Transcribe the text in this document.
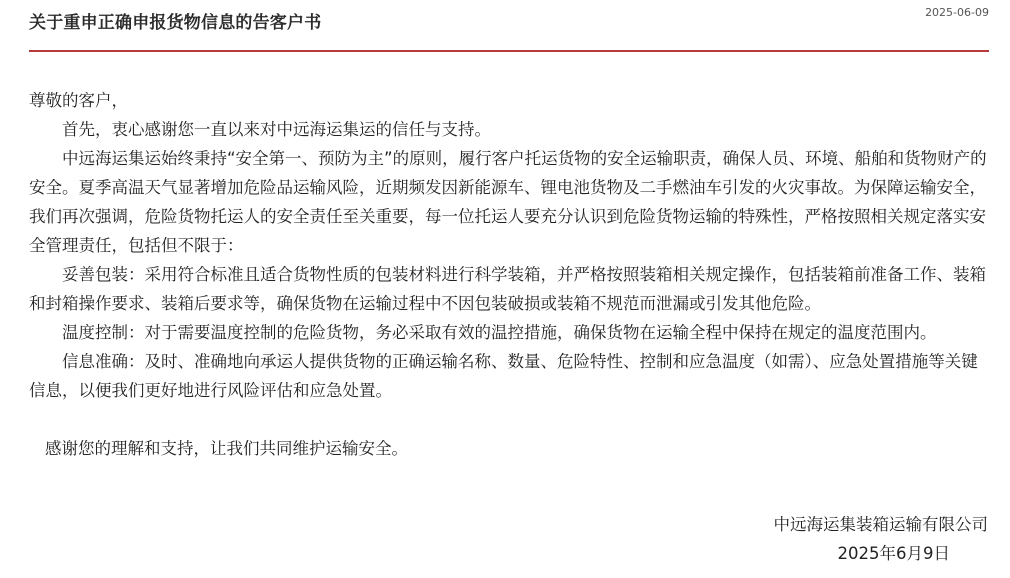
关于重申正确申报货物信息的告客户书
2025-06-09

尊敬的客户，

首先，衷心感谢您一直以来对中远海运集运的信任与支持。

中远海运集运始终秉持“安全第一、预防为主”的原则，履行客户托运货物的安全运输职责，确保人员、环境、船舶和货物财产的安全。夏季高温天气显著增加危险品运输风险，近期频发因新能源车、锂电池货物及二手燃油车引发的火灾事故。为保障运输安全，我们再次强调，危险货物托运人的安全责任至关重要，每一位托运人要充分认识到危险货物运输的特殊性，严格按照相关规定落实安全管理责任，包括但不限于：

妥善包装：采用符合标准且适合货物性质的包装材料进行科学装箱，并严格按照装箱相关规定操作，包括装箱前准备工作、装箱和封箱操作要求、装箱后要求等，确保货物在运输过程中不因包装破损或装箱不规范而泄漏或引发其他危险。

温度控制：对于需要温度控制的危险货物，务必采取有效的温控措施，确保货物在运输全程中保持在规定的温度范围内。

信息准确：及时、准确地向承运人提供货物的正确运输名称、数量、危险特性、控制和应急温度（如需）、应急处置措施等关键信息，以便我们更好地进行风险评估和应急处置。

感谢您的理解和支持，让我们共同维护运输安全。

中远海运集装箱运输有限公司
2025年6月9日
